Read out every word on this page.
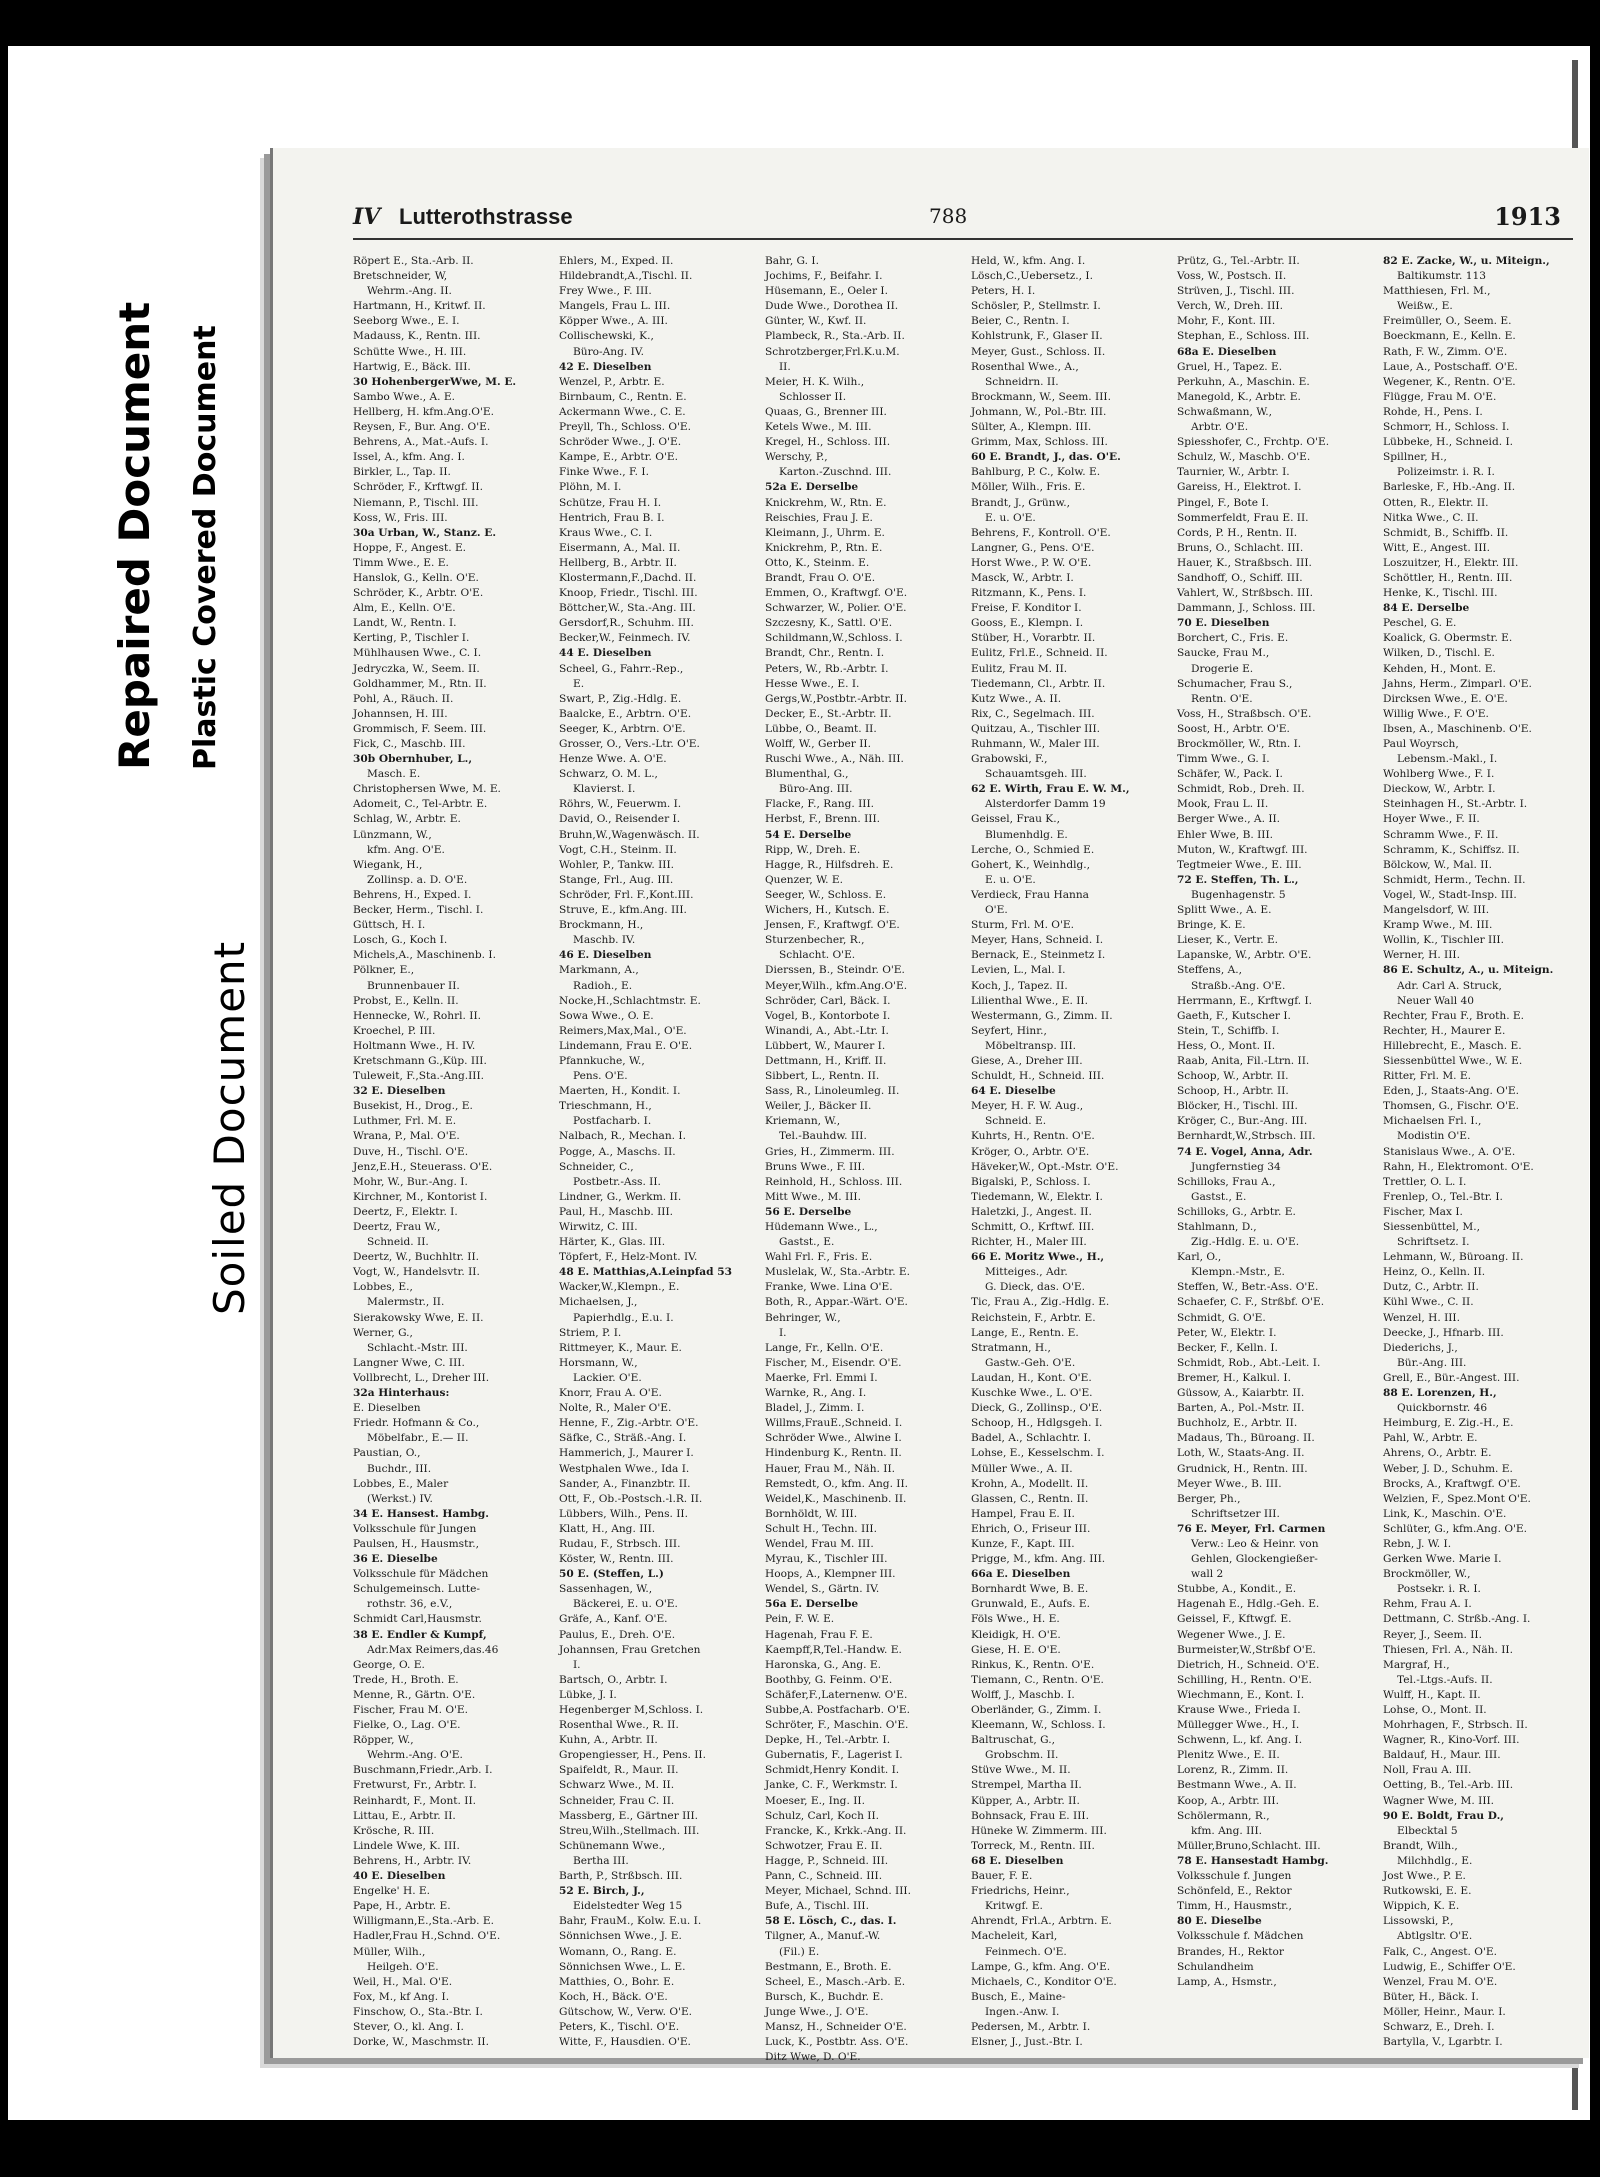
Repaired Document Plastic Covered Document
Soiled Document
IV Lutterothstrasse	788	1913
Röpert E., Sta.-Arb. II.
Bretschneider, W,
Wehrm.-Ang. II.
Hartmann, H., Kritwf. II.
Seeborg Wwe., E. I.
Madauss, K., Rentn. III.
Schütte Wwe., H. III.
Hartwig, E., Bäck. III.
30 HohenbergerWwe, M. E.
Sambo Wwe., A. E.
Hellberg, H. kfm.Ang.O'E.
Reysen, F., Bur. Ang. O'E.
Behrens, A., Mat.-Aufs. I.
Issel, A., kfm. Ang. I.
Birkler, L., Tap. II.
Schröder, F., Krftwgf. II.
Niemann, P., Tischl. III.
Koss, W., Fris. III.
30a Urban, W., Stanz. E.
Hoppe, F., Angest. E.
Timm Wwe., E. E.
Hanslok, G., Kelln. O'E.
Schröder, K., Arbtr. O'E.
Alm, E., Kelln. O'E.
Landt, W., Rentn. I.
Kerting, P., Tischler I.
Mühlhausen Wwe., C. I.
Jedryczka, W., Seem. II.
Goldhammer, M., Rtn. II.
Pohl, A., Räuch. II.
Johannsen, H. III.
Grommisch, F. Seem. III.
Fick, C., Maschb. III.
30b Obernhuber, L.,
Masch. E.
Christophersen Wwe, M. E.
Adomeit, C., Tel-Arbtr. E.
Schlag, W., Arbtr. E.
Lünzmann, W.,
kfm. Ang. O'E.
Wiegank, H.,
Zollinsp. a. D. O'E.
Behrens, H., Exped. I.
Becker, Herm., Tischl. I.
Güttsch, H. I.
Losch, G., Koch I.
Michels,A., Maschinenb. I.
Pölkner, E.,
Brunnenbauer II.
Probst, E., Kelln. II.
Hennecke, W., Rohrl. II.
Kroechel, P. III.
Holtmann Wwe., H. IV.
Kretschmann G.,Küp. III.
Tuleweit, F.,Sta.-Ang.III.
32 E. Dieselben
Busekist, H., Drog., E.
Luthmer, Frl. M. E.
Wrana, P., Mal. O'E.
Duve, H., Tischl. O'E.
Jenz,E.H., Steuerass. O'E.
Mohr, W., Bur.-Ang. I.
Kirchner, M., Kontorist I.
Deertz, F., Elektr. I.
Deertz, Frau W.,
Schneid. II.
Deertz, W., Buchhltr. II.
Vogt, W., Handelsvtr. II.
Lobbes, E.,
Malermstr., II.
Sierakowsky Wwe, E. II.
Werner, G.,
Schlacht.-Mstr. III.
Langner Wwe, C. III.
Vollbrecht, L., Dreher III.
32a Hinterhaus:
E. Dieselben
Friedr. Hofmann & Co.,
Möbelfabr., E.— II.
Paustian, O.,
Buchdr., III.
Lobbes, E., Maler
(Werkst.) IV.
34 E. Hansest. Hambg.
Volksschule für Jungen
Paulsen, H., Hausmstr.,
36 E. Dieselbe
Volksschule für Mädchen
Schulgemeinsch. Lutte-
rothstr. 36, e.V.,
Schmidt Carl,Hausmstr.
38 E. Endler & Kumpf,
Adr.Max Reimers,das.46
George, O. E.
Trede, H., Broth. E.
Menne, R., Gärtn. O'E.
Fischer, Frau M. O'E.
Fielke, O., Lag. O'E.
Röpper, W.,
Wehrm.-Ang. O'E.
Buschmann,Friedr.,Arb. I.
Fretwurst, Fr., Arbtr. I.
Reinhardt, F., Mont. II.
Littau, E., Arbtr. II.
Krösche, R. III.
Lindele Wwe, K. III.
Behrens, H., Arbtr. IV.
40 E. Dieselben
Engelke' H. E.
Pape, H., Arbtr. E.
Willigmann,E.,Sta.-Arb. E.
Hadler,Frau H.,Schnd. O'E.
Müller, Wilh.,
Heilgeh. O'E.
Weil, H., Mal. O'E.
Fox, M., kf Ang. I.
Finschow, O., Sta.-Btr. I.
Stever, O., kl. Ang. I.
Dorke, W., Maschmstr. II.
Ehlers, M., Exped. II.
Hildebrandt,A.,Tischl. II.
Frey Wwe., F. III.
Mangels, Frau L. III.
Köpper Wwe., A. III.
Collischewski, K.,
Büro-Ang. IV.
42 E. Dieselben
Wenzel, P., Arbtr. E.
Birnbaum, C., Rentn. E.
Ackermann Wwe., C. E.
Preyll, Th., Schloss. O'E.
Schröder Wwe., J. O'E.
Kampe, E., Arbtr. O'E.
Finke Wwe., F. I.
Plöhn, M. I.
Schütze, Frau H. I.
Hentrich, Frau B. I.
Kraus Wwe., C. I.
Eisermann, A., Mal. II.
Hellberg, B., Arbtr. II.
Klostermann,F.,Dachd. II.
Knoop, Friedr., Tischl. III.
Böttcher,W., Sta.-Ang. III.
Gersdorf,R., Schuhm. III.
Becker,W., Feinmech. IV.
44 E. Dieselben
Scheel, G., Fahrr.-Rep.,
E.
Swart, P., Zig.-Hdlg. E.
Baalcke, E., Arbtrn. O'E.
Seeger, K., Arbtrn. O'E.
Grosser, O., Vers.-Ltr. O'E.
Henze Wwe. A. O'E.
Schwarz, O. M. L.,
Klavierst. I.
Röhrs, W., Feuerwm. I.
David, O., Reisender I.
Bruhn,W.,Wagenwäsch. II.
Vogt, C.H., Steinm. II.
Wohler, P., Tankw. III.
Stange, Frl., Aug. III.
Schröder, Frl. F.,Kont.III.
Struve, E., kfm.Ang. III.
Brockmann, H.,
Maschb. IV.
46 E. Dieselben
Markmann, A.,
Radioh., E.
Nocke,H.,Schlachtmstr. E.
Sowa Wwe., O. E.
Reimers,Max,Mal., O'E.
Lindemann, Frau E. O'E.
Pfannkuche, W.,
Pens. O'E.
Maerten, H., Kondit. I.
Trieschmann, H.,
Postfacharb. I.
Nalbach, R., Mechan. I.
Pogge, A., Maschs. II.
Schneider, C.,
Postbetr.-Ass. II.
Lindner, G., Werkm. II.
Paul, H., Maschb. III.
Wirwitz, C. III.
Härter, K., Glas. III.
Töpfert, F., Helz-Mont. IV.
48 E. Matthias,A.Leinpfad 53
Wacker,W.,Klempn., E.
Michaelsen, J.,
Papierhdlg., E.u. I.
Striem, P. I.
Rittmeyer, K., Maur. E.
Horsmann, W.,
Lackier. O'E.
Knorr, Frau A. O'E.
Nolte, R., Maler O'E.
Henne, F., Zig.-Arbtr. O'E.
Säfke, C., Sträß.-Ang. I.
Hammerich, J., Maurer I.
Westphalen Wwe., Ida I.
Sander, A., Finanzbtr. II.
Ott, F., Ob.-Postsch.-l.R. II.
Lübbers, Wilh., Pens. II.
Klatt, H., Ang. III.
Rudau, F., Strbsch. III.
Köster, W., Rentn. III.
50 E. (Steffen, L.)
Sassenhagen, W.,
Bäckerei, E. u. O'E.
Gräfe, A., Kanf. O'E.
Paulus, E., Dreh. O'E.
Johannsen, Frau Gretchen
I.
Bartsch, O., Arbtr. I.
Lübke, J. I.
Hegenberger M,Schloss. I.
Rosenthal Wwe., R. II.
Kuhn, A., Arbtr. II.
Gropengiesser, H., Pens. II.
Spaifeldt, R., Maur. II.
Schwarz Wwe., M. II.
Schneider, Frau C. II.
Massberg, E., Gärtner III.
Streu,Wilh.,Stellmach. III.
Schünemann Wwe.,
Bertha III.
Barth, P., Strßbsch. III.
52 E. Birch, J.,
Eidelstedter Weg 15
Bahr, FrauM., Kolw. E.u. I.
Sönnichsen Wwe., J. E.
Womann, O., Rang. E.
Sönnichsen Wwe., L. E.
Matthies, O., Bohr. E.
Koch, H., Bäck. O'E.
Gütschow, W., Verw. O'E.
Peters, K., Tischl. O'E.
Witte, F., Hausdien. O'E.
Bahr, G. I.
Jochims, F., Beifahr. I.
Hüsemann, E., Oeler I.
Dude Wwe., Dorothea II.
Günter, W., Kwf. II.
Plambeck, R., Sta.-Arb. II.
Schrotzberger,Frl.K.u.M.
II.
Meier, H. K. Wilh.,
Schlosser II.
Quaas, G., Brenner III.
Ketels Wwe., M. III.
Kregel, H., Schloss. III.
Werschy, P.,
Karton.-Zuschnd. III.
52a E. Derselbe
Knickrehm, W., Rtn. E.
Reischies, Frau J. E.
Kleimann, J., Uhrm. E.
Knickrehm, P., Rtn. E.
Otto, K., Steinm. E.
Brandt, Frau O. O'E.
Emmen, O., Kraftwgf. O'E.
Schwarzer, W., Polier. O'E.
Szczesny, K., Sattl. O'E.
Schildmann,W.,Schloss. I.
Brandt, Chr., Rentn. I.
Peters, W., Rb.-Arbtr. I.
Hesse Wwe., E. I.
Gergs,W.,Postbtr.-Arbtr. II.
Decker, E., St.-Arbtr. II.
Lübbe, O., Beamt. II.
Wolff, W., Gerber II.
Ruschi Wwe., A., Näh. III.
Blumenthal, G.,
Büro-Ang. III.
Flacke, F., Rang. III.
Herbst, F., Brenn. III.
54 E. Derselbe
Ripp, W., Dreh. E.
Hagge, R., Hilfsdreh. E.
Quenzer, W. E.
Seeger, W., Schloss. E.
Wichers, H., Kutsch. E.
Jensen, F., Kraftwgf. O'E.
Sturzenbecher, R.,
Schlacht. O'E.
Dierssen, B., Steindr. O'E.
Meyer,Wilh., kfm.Ang.O'E.
Schröder, Carl, Bäck. I.
Vogel, B., Kontorbote I.
Winandi, A., Abt.-Ltr. I.
Lübbert, W., Maurer I.
Dettmann, H., Kriff. II.
Sibbert, L., Rentn. II.
Sass, R., Linoleumleg. II.
Weiler, J., Bäcker II.
Kriemann, W.,
Tel.-Bauhdw. III.
Gries, H., Zimmerm. III.
Bruns Wwe., F. III.
Reinhold, H., Schloss. III.
Mitt Wwe., M. III.
56 E. Derselbe
Hüdemann Wwe., L.,
Gastst., E.
Wahl Frl. F., Fris. E.
Muslelak, W., Sta.-Arbtr. E.
Franke, Wwe. Lina O'E.
Both, R., Appar.-Wärt. O'E.
Behringer, W.,
I.
Lange, Fr., Kelln. O'E.
Fischer, M., Eisendr. O'E.
Maerke, Frl. Emmi I.
Warnke, R., Ang. I.
Bladel, J., Zimm. I.
Willms,FrauE.,Schneid. I.
Schröder Wwe., Alwine I.
Hindenburg K., Rentn. II.
Hauer, Frau M., Näh. II.
Remstedt, O., kfm. Ang. II.
Weidel,K., Maschinenb. II.
Bornhöldt, W. III.
Schult H., Techn. III.
Wendel, Frau M. III.
Myrau, K., Tischler III.
Hoops, A., Klempner III.
Wendel, S., Gärtn. IV.
56a E. Derselbe
Pein, F. W. E.
Hagenah, Frau F. E.
Kaempff,R,Tel.-Handw. E.
Haronska, G., Ang. E.
Boothby, G. Feinm. O'E.
Schäfer,F.,Laternenw. O'E.
Subbe,A. Postfacharb. O'E.
Schröter, F., Maschin. O'E.
Depke, H., Tel.-Arbtr. I.
Gubernatis, F., Lagerist I.
Schmidt,Henry Kondit. I.
Janke, C. F., Werkmstr. I.
Moeser, E., Ing. II.
Schulz, Carl, Koch II.
Francke, K., Krkk.-Ang. II.
Schwotzer, Frau E. II.
Hagge, P., Schneid. III.
Pann, C., Schneid. III.
Meyer, Michael, Schnd. III.
Bufe, A., Tischl. III.
58 E. Lösch, C., das. I.
Tilgner, A., Manuf.-W.
(Fil.) E.
Bestmann, E., Broth. E.
Scheel, E., Masch.-Arb. E.
Bursch, K., Buchdr. E.
Junge Wwe., J. O'E.
Mansz, H., Schneider O'E.
Luck, K., Postbtr. Ass. O'E.
Ditz Wwe, D. O'E.
Held, W., kfm. Ang. I.
Lösch,C.,Uebersetz., I.
Peters, H. I.
Schösler, P., Stellmstr. I.
Beier, C., Rentn. I.
Kohlstrunk, F., Glaser II.
Meyer, Gust., Schloss. II.
Rosenthal Wwe., A.,
Schneidrn. II.
Brockmann, W., Seem. III.
Johmann, W., Pol.-Btr. III.
Sülter, A., Klempn. III.
Grimm, Max, Schloss. III.
60 E. Brandt, J., das. O'E.
Bahlburg, P. C., Kolw. E.
Möller, Wilh., Fris. E.
Brandt, J., Grünw.,
E. u. O'E.
Behrens, F., Kontroll. O'E.
Langner, G., Pens. O'E.
Horst Wwe., P. W. O'E.
Masck, W., Arbtr. I.
Ritzmann, K., Pens. I.
Freise, F. Konditor I.
Gooss, E., Klempn. I.
Stüber, H., Vorarbtr. II.
Eulitz, Frl.E., Schneid. II.
Eulitz, Frau M. II.
Tiedemann, Cl., Arbtr. II.
Kutz Wwe., A. II.
Rix, C., Segelmach. III.
Quitzau, A., Tischler III.
Ruhmann, W., Maler III.
Grabowski, F.,
Schauamtsgeh. III.
62 E. Wirth, Frau E. W. M.,
Alsterdorfer Damm 19
Geissel, Frau K.,
Blumenhdlg. E.
Lerche, O., Schmied E.
Gohert, K., Weinhdlg.,
E. u. O'E.
Verdieck, Frau Hanna
O'E.
Sturm, Frl. M. O'E.
Meyer, Hans, Schneid. I.
Bernack, E., Steinmetz I.
Levien, L., Mal. I.
Koch, J., Tapez. II.
Lilienthal Wwe., E. II.
Westermann, G., Zimm. II.
Seyfert, Hinr.,
Möbeltransp. III.
Giese, A., Dreher III.
Schuldt, H., Schneid. III.
64 E. Dieselbe
Meyer, H. F. W. Aug.,
Schneid. E.
Kuhrts, H., Rentn. O'E.
Kröger, O., Arbtr. O'E.
Häveker,W., Opt.-Mstr. O'E.
Bigalski, P., Schloss. I.
Tiedemann, W., Elektr. I.
Haletzki, J., Angest. II.
Schmitt, O., Krftwf. III.
Richter, H., Maler III.
66 E. Moritz Wwe., H.,
Mitteiges., Adr.
G. Dieck, das. O'E.
Tic, Frau A., Zig.-Hdlg. E.
Reichstein, F., Arbtr. E.
Lange, E., Rentn. E.
Stratmann, H.,
Gastw.-Geh. O'E.
Laudan, H., Kont. O'E.
Kuschke Wwe., L. O'E.
Dieck, G., Zollinsp., O'E.
Schoop, H., Hdlgsgeh. I.
Badel, A., Schlachtr. I.
Lohse, E., Kesselschm. I.
Müller Wwe., A. II.
Krohn, A., Modellt. II.
Glassen, C., Rentn. II.
Hampel, Frau E. II.
Ehrich, O., Friseur III.
Kunze, F., Kapt. III.
Prigge, M., kfm. Ang. III.
66a E. Dieselben
Bornhardt Wwe, B. E.
Grunwald, E., Aufs. E.
Föls Wwe., H. E.
Kleidigk, H. O'E.
Giese, H. E. O'E.
Rinkus, K., Rentn. O'E.
Tiemann, C., Rentn. O'E.
Wolff, J., Maschb. I.
Oberländer, G., Zimm. I.
Kleemann, W., Schloss. I.
Baltruschat, G.,
Grobschm. II.
Stüve Wwe., M. II.
Strempel, Martha II.
Küpper, A., Arbtr. II.
Bohnsack, Frau E. III.
Hüneke W. Zimmerm. III.
Torreck, M., Rentn. III.
68 E. Dieselben
Bauer, F. E.
Friedrichs, Heinr.,
Kritwgf. E.
Ahrendt, Frl.A., Arbtrn. E.
Macheleit, Karl,
Feinmech. O'E.
Lampe, G., kfm. Ang. O'E.
Michaels, C., Konditor O'E.
Busch, E., Maine-
Ingen.-Anw. I.
Pedersen, M., Arbtr. I.
Elsner, J., Just.-Btr. I.
Prütz, G., Tel.-Arbtr. II.
Voss, W., Postsch. II.
Strüven, J., Tischl. III.
Verch, W., Dreh. III.
Mohr, F., Kont. III.
Stephan, E., Schloss. III.
68a E. Dieselben
Gruel, H., Tapez. E.
Perkuhn, A., Maschin. E.
Manegold, K., Arbtr. E.
Schwaßmann, W.,
Arbtr. O'E.
Spiesshofer, C., Frchtp. O'E.
Schulz, W., Maschb. O'E.
Taurnier, W., Arbtr. I.
Gareiss, H., Elektrot. I.
Pingel, F., Bote I.
Sommerfeldt, Frau E. II.
Cords, P. H., Rentn. II.
Bruns, O., Schlacht. III.
Hauer, K., Straßbsch. III.
Sandhoff, O., Schiff. III.
Vahlert, W., Strßbsch. III.
Dammann, J., Schloss. III.
70 E. Dieselben
Borchert, C., Fris. E.
Saucke, Frau M.,
Drogerie E.
Schumacher, Frau S.,
Rentn. O'E.
Voss, H., Straßbsch. O'E.
Soost, H., Arbtr. O'E.
Brockmöller, W., Rtn. I.
Timm Wwe., G. I.
Schäfer, W., Pack. I.
Schmidt, Rob., Dreh. II.
Mook, Frau L. II.
Berger Wwe., A. II.
Ehler Wwe, B. III.
Muton, W., Kraftwgf. III.
Tegtmeier Wwe., E. III.
72 E. Steffen, Th. L.,
Bugenhagenstr. 5
Splitt Wwe., A. E.
Bringe, K. E.
Lieser, K., Vertr. E.
Lapanske, W., Arbtr. O'E.
Steffens, A.,
Straßb.-Ang. O'E.
Herrmann, E., Krftwgf. I.
Gaeth, F., Kutscher I.
Stein, T., Schiffb. I.
Hess, O., Mont. II.
Raab, Anita, Fil.-Ltrn. II.
Schoop, W., Arbtr. II.
Schoop, H., Arbtr. II.
Blöcker, H., Tischl. III.
Kröger, C., Bur.-Ang. III.
Bernhardt,W.,Strbsch. III.
74 E. Vogel, Anna, Adr.
Jungfernstieg 34
Schilloks, Frau A.,
Gastst., E.
Schilloks, G., Arbtr. E.
Stahlmann, D.,
Zig.-Hdlg. E. u. O'E.
Karl, O.,
Klempn.-Mstr., E.
Steffen, W., Betr.-Ass. O'E.
Schaefer, C. F., Strßbf. O'E.
Schmidt, G. O'E.
Peter, W., Elektr. I.
Becker, F., Kelln. I.
Schmidt, Rob., Abt.-Leit. I.
Bremer, H., Kalkul. I.
Güssow, A., Kaiarbtr. II.
Barten, A., Pol.-Mstr. II.
Buchholz, E., Arbtr. II.
Madaus, Th., Büroang. II.
Loth, W., Staats-Ang. II.
Grudnick, H., Rentn. III.
Meyer Wwe., B. III.
Berger, Ph.,
Schriftsetzer III.
76 E. Meyer, Frl. Carmen
Verw.: Leo & Heinr. von
Gehlen, Glockengießer-
wall 2
Stubbe, A., Kondit., E.
Hagenah E., Hdlg.-Geh. E.
Geissel, F., Kftwgf. E.
Wegener Wwe., J. E.
Burmeister,W.,Strßbf O'E.
Dietrich, H., Schneid. O'E.
Schilling, H., Rentn. O'E.
Wiechmann, E., Kont. I.
Krause Wwe., Frieda I.
Müllegger Wwe., H., I.
Schwenn, L., kf. Ang. I.
Plenitz Wwe., E. II.
Lorenz, R., Zimm. II.
Bestmann Wwe., A. II.
Koop, A., Arbtr. III.
Schölermann, R.,
kfm. Ang. III.
Müller,Bruno,Schlacht. III.
78 E. Hansestadt Hambg.
Volksschule f. Jungen
Schönfeld, E., Rektor
Timm, H., Hausmstr.,
80 E. Dieselbe
Volksschule f. Mädchen
Brandes, H., Rektor
Schulandheim
Lamp, A., Hsmstr.,
82 E. Zacke, W., u. Miteign.,
Baltikumstr. 113
Matthiesen, Frl. M.,
Weißw., E.
Freimüller, O., Seem. E.
Boeckmann, E., Kelln. E.
Rath, F. W., Zimm. O'E.
Laue, A., Postschaff. O'E.
Wegener, K., Rentn. O'E.
Flügge, Frau M. O'E.
Rohde, H., Pens. I.
Schmorr, H., Schloss. I.
Lübbeke, H., Schneid. I.
Spillner, H.,
Polizeimstr. i. R. I.
Barleske, F., Hb.-Ang. II.
Otten, R., Elektr. II.
Nitka Wwe., C. II.
Schmidt, B., Schiffb. II.
Witt, E., Angest. III.
Loszuitzer, H., Elektr. III.
Schöttler, H., Rentn. III.
Henke, K., Tischl. III.
84 E. Derselbe
Peschel, G. E.
Koalick, G. Obermstr. E.
Wilken, D., Tischl. E.
Kehden, H., Mont. E.
Jahns, Herm., Zimparl. O'E.
Dircksen Wwe., E. O'E.
Willig Wwe., F. O'E.
Ibsen, A., Maschinenb. O'E.
Paul Woyrsch,
Lebensm.-Makl., I.
Wohlberg Wwe., F. I.
Dieckow, W., Arbtr. I.
Steinhagen H., St.-Arbtr. I.
Hoyer Wwe., F. II.
Schramm Wwe., F. II.
Schramm, K., Schiffsz. II.
Bölckow, W., Mal. II.
Schmidt, Herm., Techn. II.
Vogel, W., Stadt-Insp. III.
Mangelsdorf, W. III.
Kramp Wwe., M. III.
Wollin, K., Tischler III.
Werner, H. III.
86 E. Schultz, A., u. Miteign.
Adr. Carl A. Struck,
Neuer Wall 40
Rechter, Frau F., Broth. E.
Rechter, H., Maurer E.
Hillebrecht, E., Masch. E.
Siessenbüttel Wwe., W. E.
Ritter, Frl. M. E.
Eden, J., Staats-Ang. O'E.
Thomsen, G., Fischr. O'E.
Michaelsen Frl. I.,
Modistin O'E.
Stanislaus Wwe., A. O'E.
Rahn, H., Elektromont. O'E.
Trettler, O. L. I.
Frenlep, O., Tel.-Btr. I.
Fischer, Max I.
Siessenbüttel, M.,
Schriftsetz. I.
Lehmann, W., Büroang. II.
Heinz, O., Kelln. II.
Dutz, C., Arbtr. II.
Kühl Wwe., C. II.
Wenzel, H. III.
Deecke, J., Hfnarb. III.
Diederichs, J.,
Bür.-Ang. III.
Grell, E., Bür.-Angest. III.
88 E. Lorenzen, H.,
Quickbornstr. 46
Heimburg, E. Zig.-H., E.
Pahl, W., Arbtr. E.
Ahrens, O., Arbtr. E.
Weber, J. D., Schuhm. E.
Brocks, A., Kraftwgf. O'E.
Welzien, F., Spez.Mont O'E.
Link, K., Maschin. O'E.
Schlüter, G., kfm.Ang. O'E.
Rebn, J. W. I.
Gerken Wwe. Marie I.
Brockmöller, W.,
Postsekr. i. R. I.
Rehm, Frau A. I.
Dettmann, C. Strßb.-Ang. I.
Reyer, J., Seem. II.
Thiesen, Frl. A., Näh. II.
Margraf, H.,
Tel.-Ltgs.-Aufs. II.
Wulff, H., Kapt. II.
Lohse, O., Mont. II.
Mohrhagen, F., Strbsch. II.
Wagner, R., Kino-Vorf. III.
Baldauf, H., Maur. III.
Noll, Frau A. III.
Oetting, B., Tel.-Arb. III.
Wagner Wwe, M. III.
90 E. Boldt, Frau D.,
Elbecktal 5
Brandt, Wilh.,
Milchhdlg., E.
Jost Wwe., P. E.
Rutkowski, E. E.
Wippich, K. E.
Lissowski, P.,
Abtlgsltr. O'E.
Falk, C., Angest. O'E.
Ludwig, E., Schiffer O'E.
Wenzel, Frau M. O'E.
Büter, H., Bäck. I.
Möller, Heinr., Maur. I.
Schwarz, E., Dreh. I.
Bartylla, V., Lgarbtr. I.
